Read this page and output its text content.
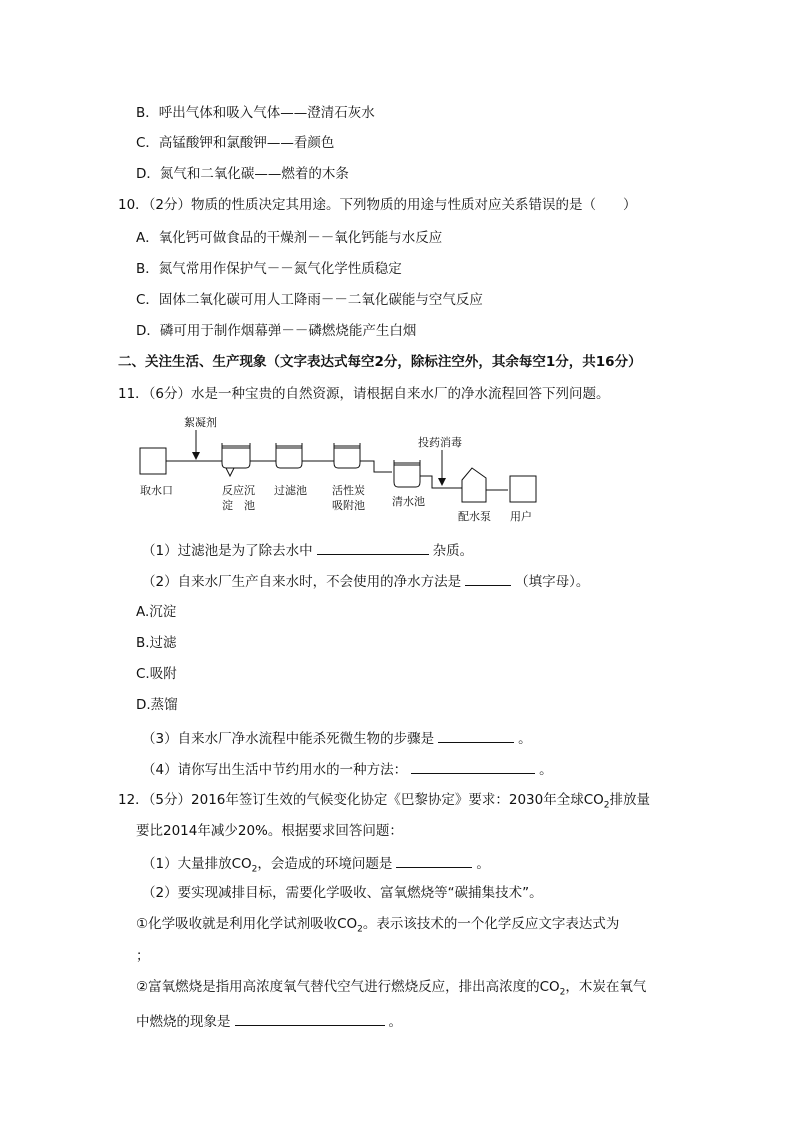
B．呼出气体和吸入气体——澄清石灰水
C．高锰酸钾和氯酸钾——看颜色
D．氮气和二氧化碳——燃着的木条
10．（2分）物质的性质决定其用途。下列物质的用途与性质对应关系错误的是（　　）
A．氧化钙可做食品的干燥剂－－氧化钙能与水反应
B．氮气常用作保护气－－氮气化学性质稳定
C．固体二氧化碳可用人工降雨－－二氧化碳能与空气反应
D．磷可用于制作烟幕弹－－磷燃烧能产生白烟
二、关注生活、生产现象（文字表达式每空2分，除标注空外，其余每空1分，共16分）
11．（6分）水是一种宝贵的自然资源，请根据自来水厂的净水流程回答下列问题。
絮凝剂
投药消毒
取水口	反应沉
淀　池
过滤池 活性炭
吸附池 清水池
配水泵 用户
（1）过滤池是为了除去水中	杂质。
（2）自来水厂生产自来水时，不会使用的净水方法是	（填字母）。
A.沉淀
B.过滤
C.吸附
D.蒸馏
（3）自来水厂净水流程中能杀死微生物的步骤是	。
（4）请你写出生活中节约用水的一种方法：	。
12．（5分）2016年签订生效的气候变化协定《巴黎协定》要求：2030年全球$CO_2$排放量
要比2014年减少20%。根据要求回答问题：
（1）大量排放$CO_2$，会造成的环境问题是	。
（2）要实现减排目标，需要化学吸收、富氧燃烧等“碳捕集技术”。
①化学吸收就是利用化学试剂吸收$CO_2$。表示该技术的一个化学反应文字表达式为
；
②富氧燃烧是指用高浓度氧气替代空气进行燃烧反应，排出高浓度的$CO_2$，木炭在氧气
中燃烧的现象是	。
